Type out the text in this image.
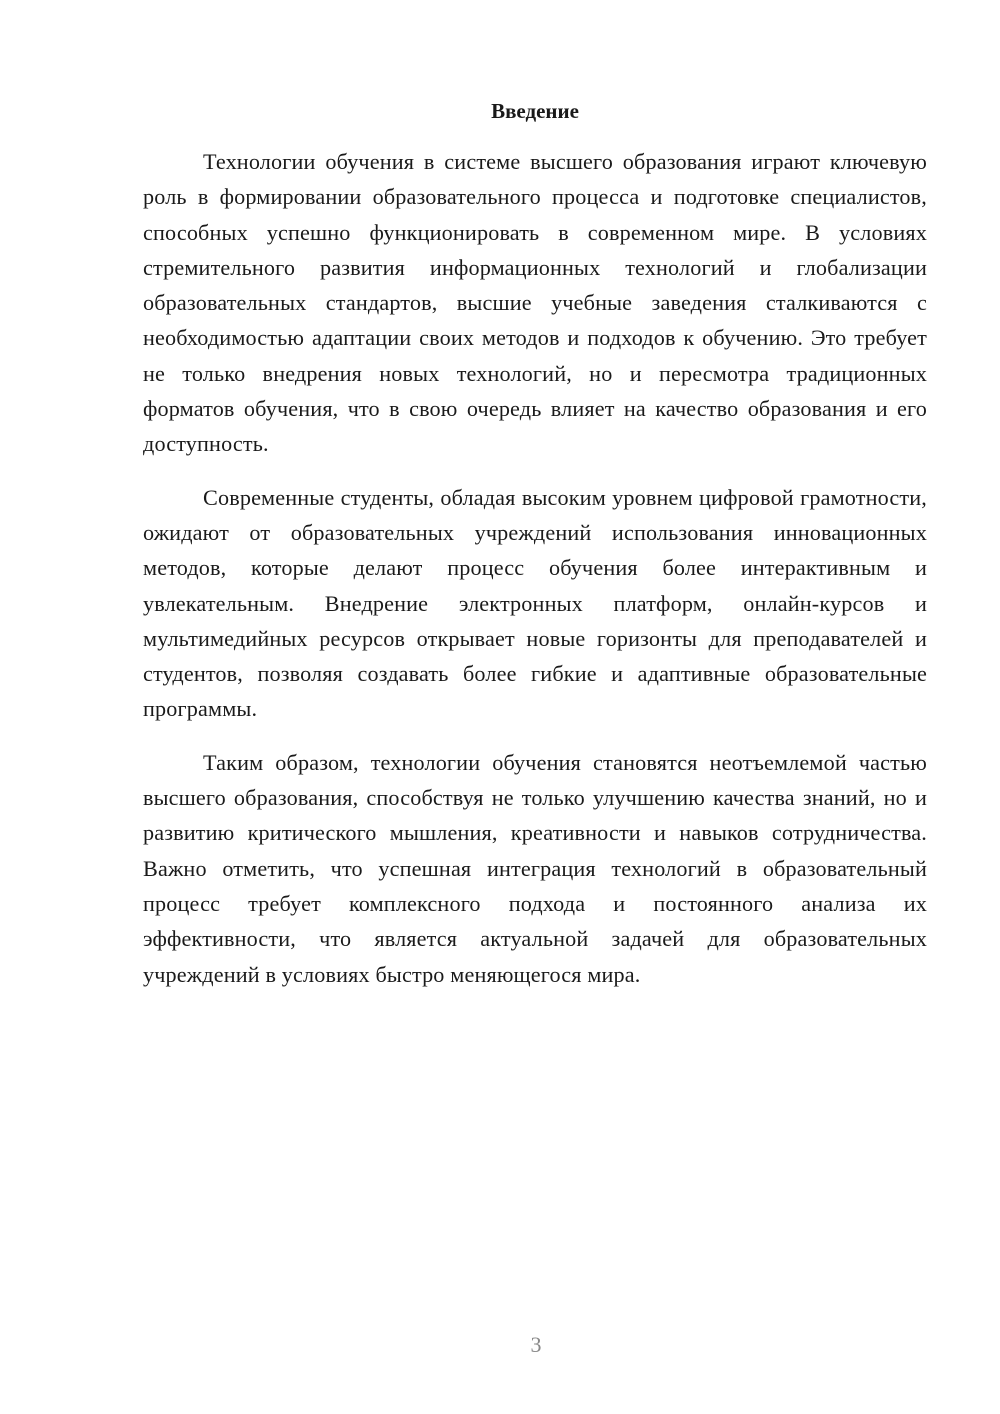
Введение

Технологии обучения в системе высшего образования играют ключевую роль в формировании образовательного процесса и подготовке специалистов, способных успешно функционировать в современном мире. В условиях стремительного развития информационных технологий и глобализации образовательных стандартов, высшие учебные заведения сталкиваются с необходимостью адаптации своих методов и подходов к обучению. Это требует не только внедрения новых технологий, но и пересмотра традиционных форматов обучения, что в свою очередь влияет на качество образования и его доступность.

Современные студенты, обладая высоким уровнем цифровой грамотности, ожидают от образовательных учреждений использования инновационных методов, которые делают процесс обучения более интерактивным и увлекательным. Внедрение электронных платформ, онлайн-курсов и мультимедийных ресурсов открывает новые горизонты для преподавателей и студентов, позволяя создавать более гибкие и адаптивные образовательные программы.

Таким образом, технологии обучения становятся неотъемлемой частью высшего образования, способствуя не только улучшению качества знаний, но и развитию критического мышления, креативности и навыков сотрудничества. Важно отметить, что успешная интеграция технологий в образовательный процесс требует комплексного подхода и постоянного анализа их эффективности, что является актуальной задачей для образовательных учреждений в условиях быстро меняющегося мира.

3
